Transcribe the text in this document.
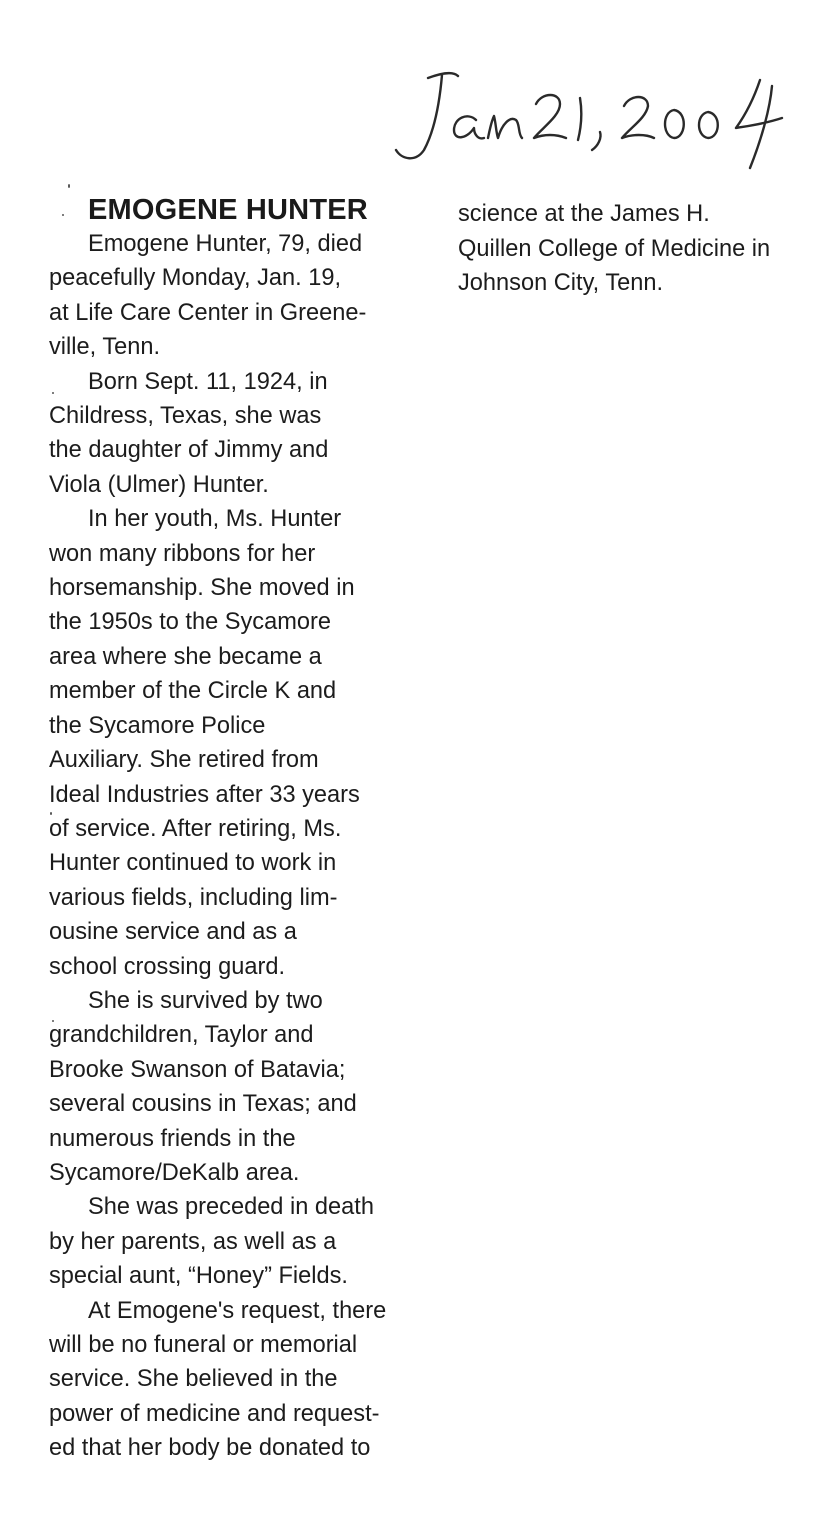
EMOGENE HUNTER
Emogene Hunter, 79, died
peacefully Monday, Jan. 19,
at Life Care Center in Greene-
ville, Tenn.
Born Sept. 11, 1924, in
Childress, Texas, she was
the daughter of Jimmy and
Viola (Ulmer) Hunter.
In her youth, Ms. Hunter
won many ribbons for her
horsemanship. She moved in
the 1950s to the Sycamore
area where she became a
member of the Circle K and
the Sycamore Police
Auxiliary. She retired from
Ideal Industries after 33 years
of service. After retiring, Ms.
Hunter continued to work in
various fields, including lim-
ousine service and as a
school crossing guard.
She is survived by two
grandchildren, Taylor and
Brooke Swanson of Batavia;
several cousins in Texas; and
numerous friends in the
Sycamore/DeKalb area.
She was preceded in death
by her parents, as well as a
special aunt, “Honey” Fields.
At Emogene's request, there
will be no funeral or memorial
service. She believed in the
power of medicine and request-
ed that her body be donated to
science at the James H.
Quillen College of Medicine in
Johnson City, Tenn.
